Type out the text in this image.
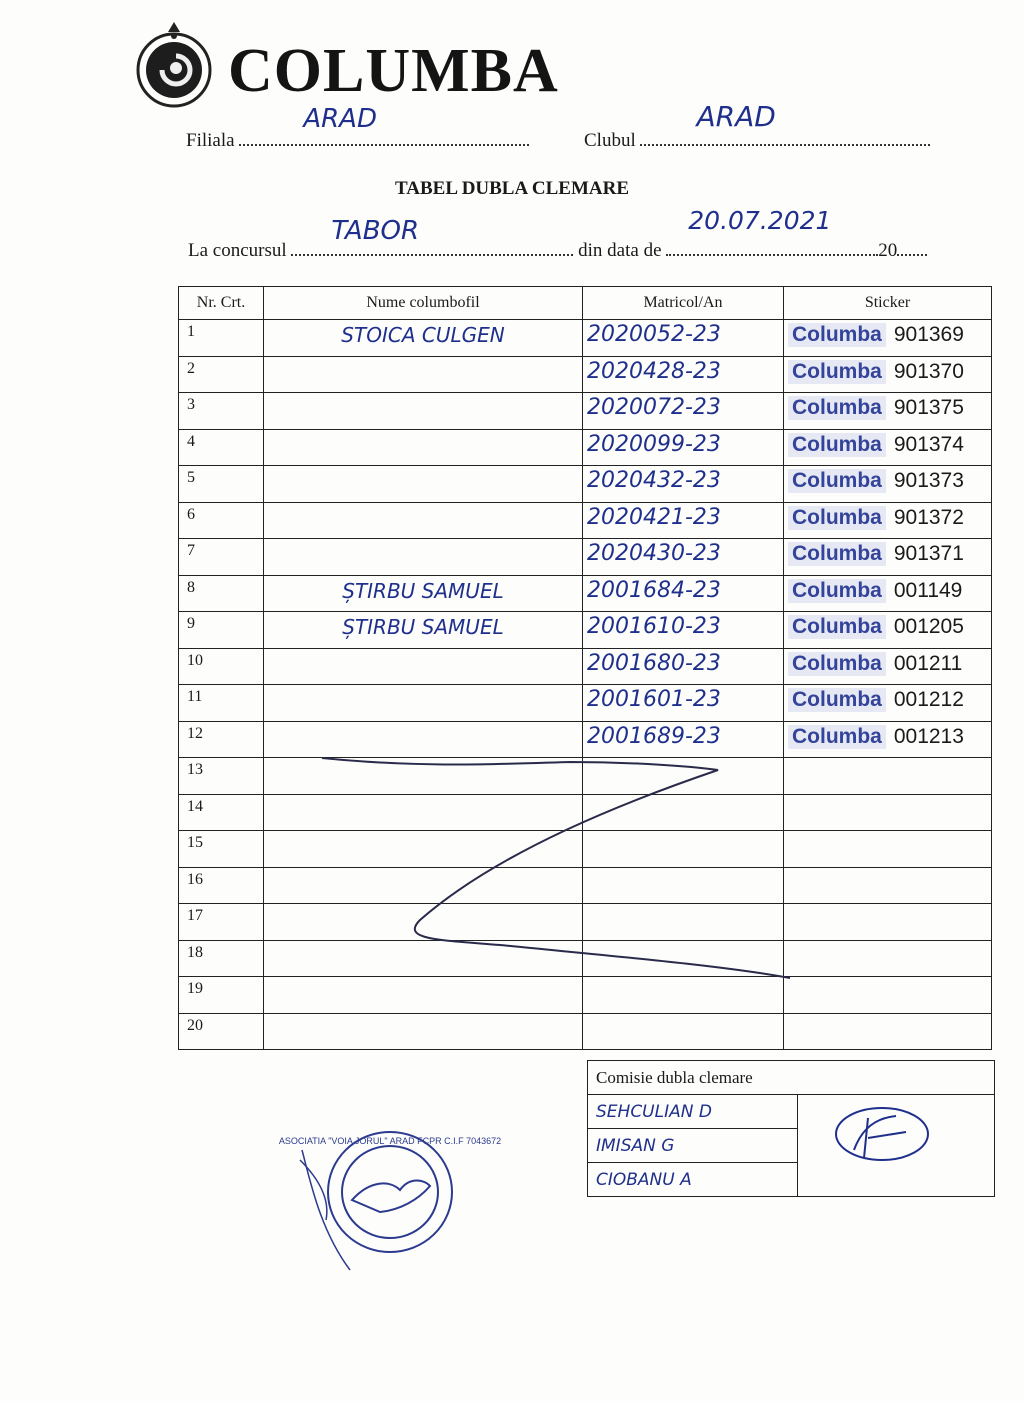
COLUMBA
Filiala
ARAD
Clubul
ARAD
TABEL DUBLA CLEMARE
La concursul
TABOR
din data de
20.07.2021
20
Nr. Crt.	Nume columbofil	Matricol/An	Sticker
1	STOICA CULGEN	2020052-23	Columba 901369

2		2020428-23	Columba 901370

3		2020072-23	Columba 901375

4		2020099-23	Columba 901374

5		2020432-23	Columba 901373

6		2020421-23	Columba 901372

7		2020430-23	Columba 901371

8	ȘTIRBU SAMUEL	2001684-23	Columba 001149

9	ȘTIRBU SAMUEL	2001610-23	Columba 001205

10		2001680-23	Columba 001211

11		2001601-23	Columba 001212

12		2001689-23	Columba 001213

13	

14	

15	

16	

17	

18	

19	

20	

Comisie dubla clemare
SEHCULIAN D	
IMISAN G
CIOBANU A
ASOCIATIA "VOIA JORUL" ARAD FCPR C.I.F 7043672
